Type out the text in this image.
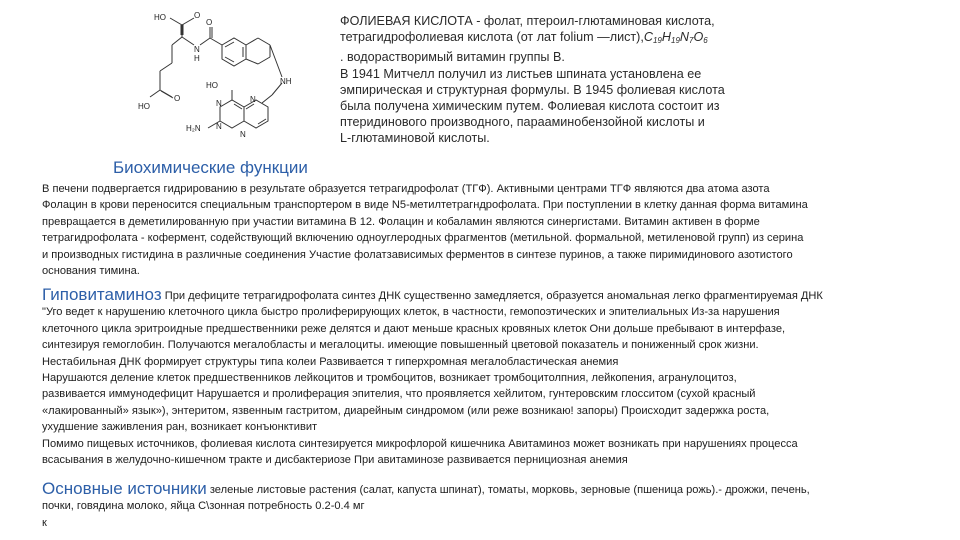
HO	O
O
N
H
HO
O
NH
HO
N	N
N
N
H₂N
ФОЛИЕВАЯ КИСЛОТА - фолат, птероил-глютаминовая кислота,
тетрагидрофолиевая кислота (от лат folium $—лист),C_{19}H_{19}N_7O_6$
. водорастворимый витамин группы В.
В 1941 Митчелл получил из листьев шпината установлена ее
эмпирическая и структурная формулы. В 1945 фолиевая кислота
была получена химическим путем. Фолиевая кислота состоит из
птеридинового производного, парааминобензойной кислоты и
L-глютаминовой кислоты.
Биохимические функции
В печени подвергается гидрированию в результате образуется тетрагидрофолат (ТГФ). Активными центрами ТГФ являются два атома азота
Фолацин в крови переносится специальным транспортером в виде N5-метилтетрагндрофолата. При поступлении в клетку данная форма витамина
превращается в деметилированную при участии витамина В 12. Фолацин и кобаламин являются синергистами. Витамин активен в форме
тетрагидрофолата - кофермент, содействующий включению одноуглеродных фрагментов (метильной. формальной, метиленовой групп) из серина
и производных гистидина в различные соединения Участие фолатзависимых ферментов в синтезе пуринов, а также пиримидинового азотистого
основания тимина.
Гиповитаминоз При дефиците тетрагидрофолата синтез ДНК существенно замедляется, образуется аномальная легко фрагментируемая ДНК
"Уго ведет к нарушению клеточного цикла быстро пролиферирующих клеток, в частности, гемопоэтических и эпителиальных Из-за нарушения
клеточного цикла эритроидные предшественники реже делятся и дают меньше красных кровяных клеток Они дольше пребывают в интерфазе,
синтезируя гемоглобин. Получаются мегалобласты и мегалоциты. имеющие повышенный цветовой показатель и пониженный срок жизни.
Нестабильная ДНК формирует структуры типа колеи Развивается т гиперхромная мегалобластическая анемия
Нарушаются деление клеток предшественников лейкоцитов и тромбоцитов, возникает тромбоцитолпния, лейкопения, агранулоцитоз,
развивается иммунодефицит Нарушается и пролиферация эпителия, что проявляется хейлитом, гунтеровским глосситом (сухой красный
«лакированный» язык»), энтеритом, язвенным гастритом, диарейным синдромом (или реже возникаю! запоры) Происходит задержка роста,
ухудшение заживления ран, возникает конъюнктивит
Помимо пищевых источников, фолиевая кислота синтезируется микрофлорой кишечника Авитаминоз может возникать при нарушениях процесса
всасывания в желудочно-кишечном тракте и дисбактериозе При авитаминозе развивается пернициозная анемия
Основные источники зеленые листовые растения (салат, капуста шпинат), томаты, морковь, зерновые (пшеница рожь).- дрожжи, печень,
почки, говядина молоко, яйца С\зонная потребность 0.2-0.4 мг
к
